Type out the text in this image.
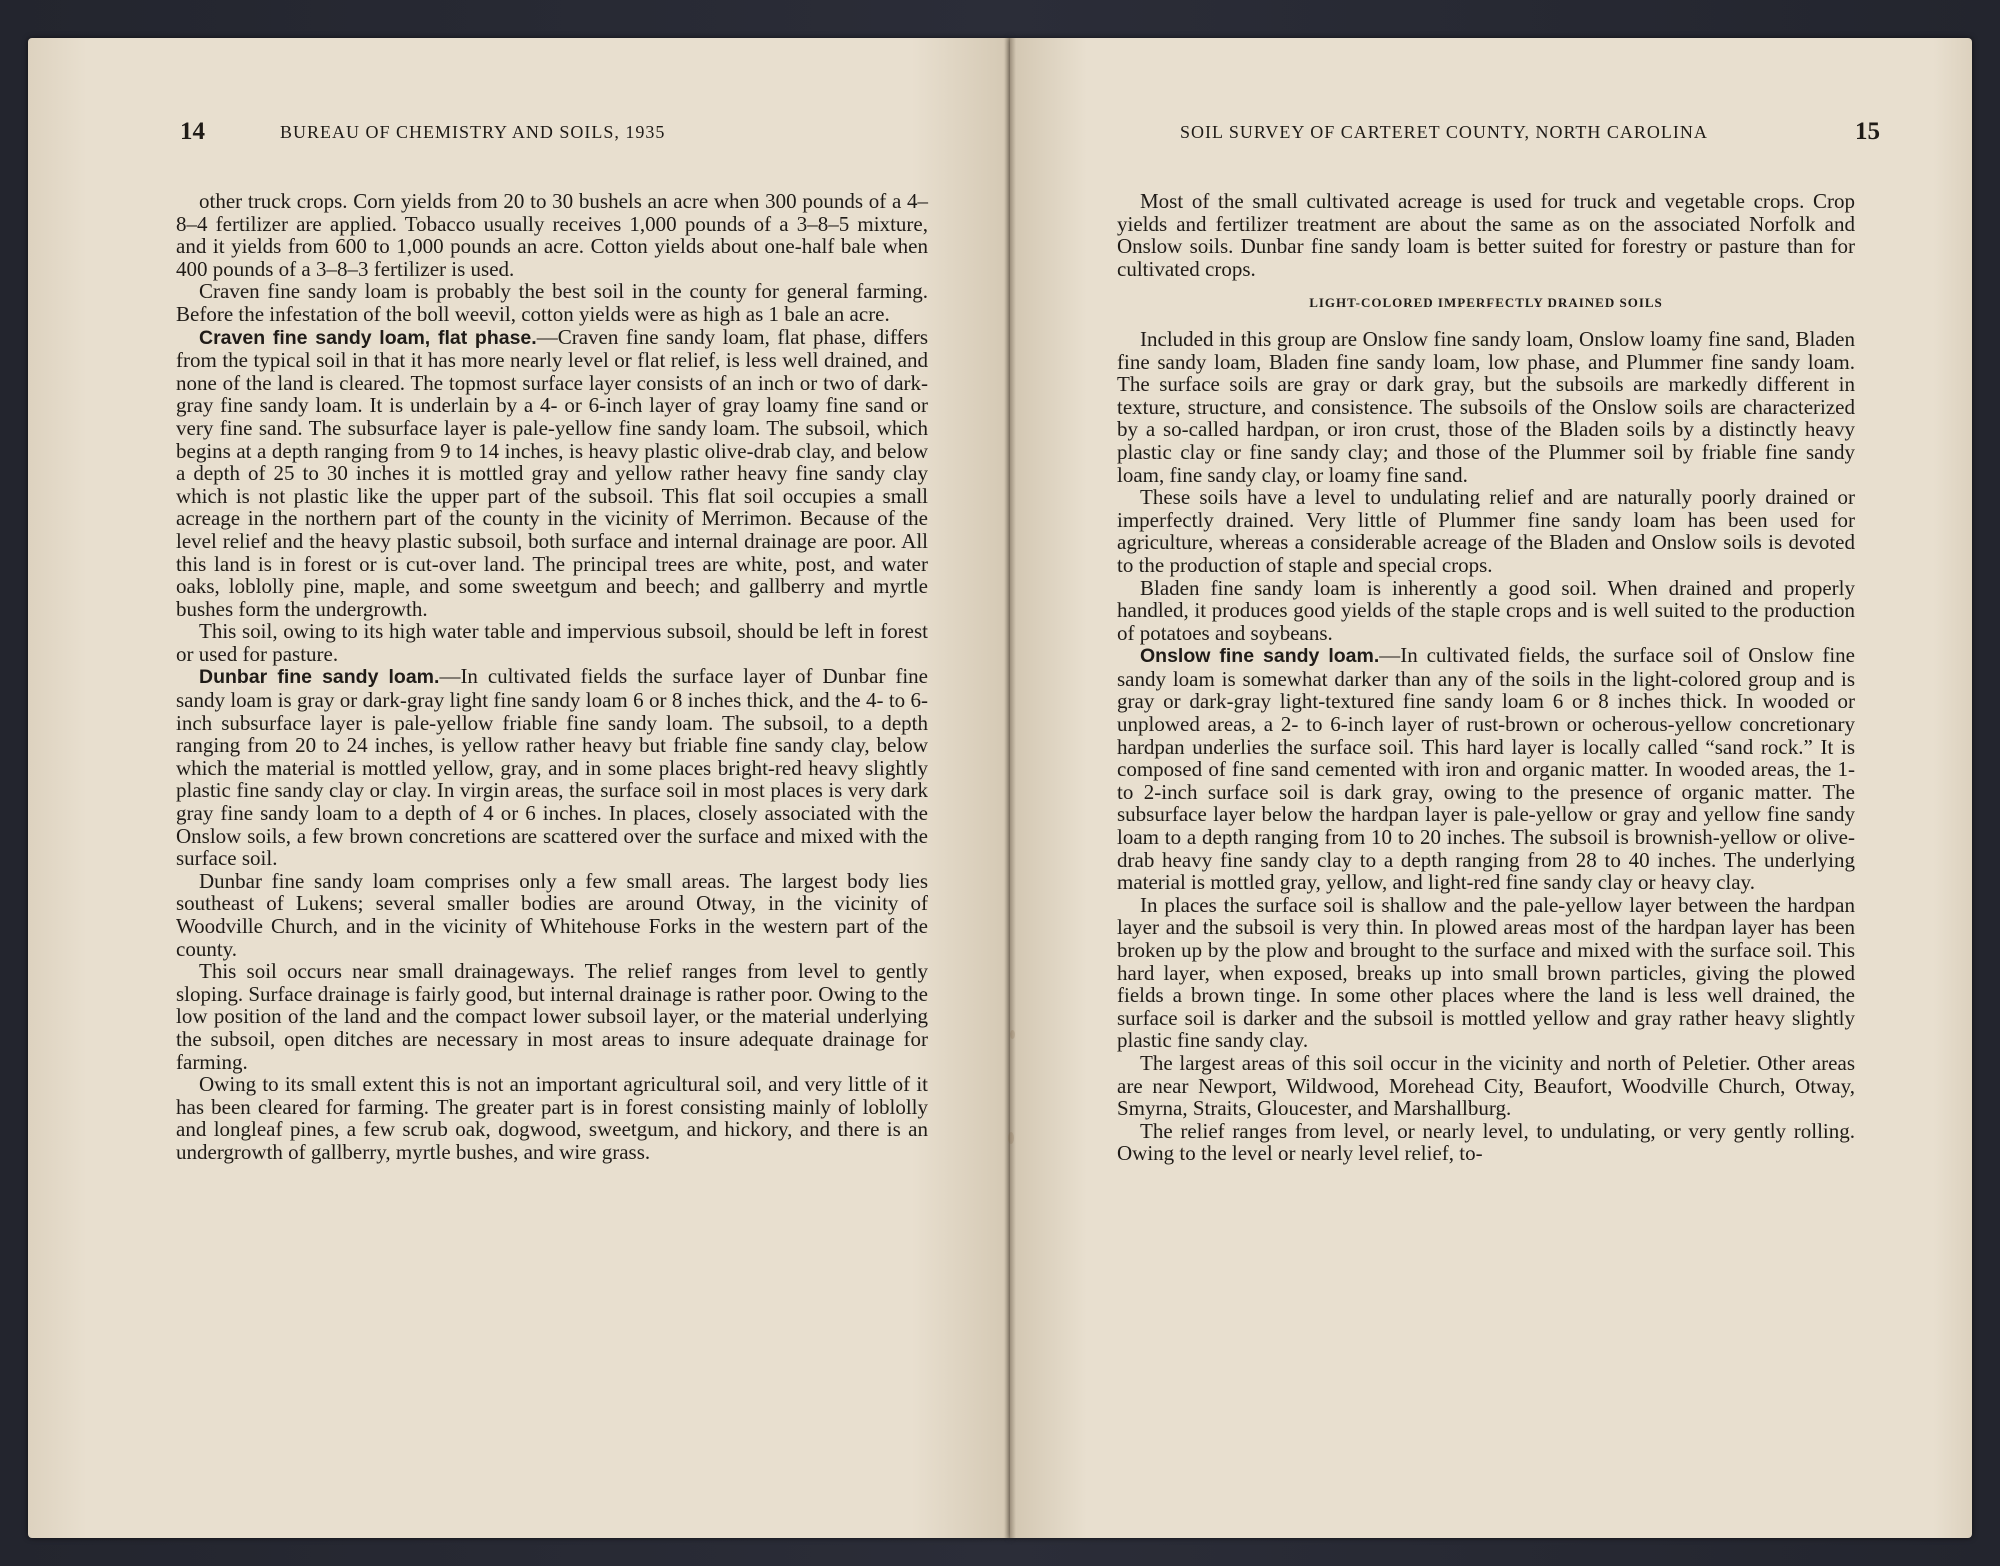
14	BUREAU OF CHEMISTRY AND SOILS, 1935

other truck crops. Corn yields from 20 to 30 bushels an acre when 300 pounds of a 4–8–4 fertilizer are applied. Tobacco usually receives 1,000 pounds of a 3–8–5 mixture, and it yields from 600 to 1,000 pounds an acre. Cotton yields about one-half bale when 400 pounds of a 3–8–3 fertilizer is used.

Craven fine sandy loam is probably the best soil in the county for general farming. Before the infestation of the boll weevil, cotton yields were as high as 1 bale an acre.

Craven fine sandy loam, flat phase.—Craven fine sandy loam, flat phase, differs from the typical soil in that it has more nearly level or flat relief, is less well drained, and none of the land is cleared. The topmost surface layer consists of an inch or two of dark-gray fine sandy loam. It is underlain by a 4- or 6-inch layer of gray loamy fine sand or very fine sand. The subsurface layer is pale-yellow fine sandy loam. The subsoil, which begins at a depth ranging from 9 to 14 inches, is heavy plastic olive-drab clay, and below a depth of 25 to 30 inches it is mottled gray and yellow rather heavy fine sandy clay which is not plastic like the upper part of the subsoil. This flat soil occupies a small acreage in the northern part of the county in the vicinity of Merrimon. Because of the level relief and the heavy plastic subsoil, both surface and internal drainage are poor. All this land is in forest or is cut-over land. The principal trees are white, post, and water oaks, loblolly pine, maple, and some sweetgum and beech; and gallberry and myrtle bushes form the undergrowth.

This soil, owing to its high water table and impervious subsoil, should be left in forest or used for pasture.

Dunbar fine sandy loam.—In cultivated fields the surface layer of Dunbar fine sandy loam is gray or dark-gray light fine sandy loam 6 or 8 inches thick, and the 4- to 6-inch subsurface layer is pale-yellow friable fine sandy loam. The subsoil, to a depth ranging from 20 to 24 inches, is yellow rather heavy but friable fine sandy clay, below which the material is mottled yellow, gray, and in some places bright-red heavy slightly plastic fine sandy clay or clay. In virgin areas, the surface soil in most places is very dark gray fine sandy loam to a depth of 4 or 6 inches. In places, closely associated with the Onslow soils, a few brown concretions are scattered over the surface and mixed with the surface soil.

Dunbar fine sandy loam comprises only a few small areas. The largest body lies southeast of Lukens; several smaller bodies are around Otway, in the vicinity of Woodville Church, and in the vicinity of Whitehouse Forks in the western part of the county.

This soil occurs near small drainageways. The relief ranges from level to gently sloping. Surface drainage is fairly good, but internal drainage is rather poor. Owing to the low position of the land and the compact lower subsoil layer, or the material underlying the subsoil, open ditches are necessary in most areas to insure adequate drainage for farming.

Owing to its small extent this is not an important agricultural soil, and very little of it has been cleared for farming. The greater part is in forest consisting mainly of loblolly and longleaf pines, a few scrub oak, dogwood, sweetgum, and hickory, and there is an undergrowth of gallberry, myrtle bushes, and wire grass.

SOIL SURVEY OF CARTERET COUNTY, NORTH CAROLINA	15

Most of the small cultivated acreage is used for truck and vegetable crops. Crop yields and fertilizer treatment are about the same as on the associated Norfolk and Onslow soils. Dunbar fine sandy loam is better suited for forestry or pasture than for cultivated crops.

LIGHT-COLORED IMPERFECTLY DRAINED SOILS

Included in this group are Onslow fine sandy loam, Onslow loamy fine sand, Bladen fine sandy loam, Bladen fine sandy loam, low phase, and Plummer fine sandy loam. The surface soils are gray or dark gray, but the subsoils are markedly different in texture, structure, and consistence. The subsoils of the Onslow soils are characterized by a so-called hardpan, or iron crust, those of the Bladen soils by a distinctly heavy plastic clay or fine sandy clay; and those of the Plummer soil by friable fine sandy loam, fine sandy clay, or loamy fine sand.

These soils have a level to undulating relief and are naturally poorly drained or imperfectly drained. Very little of Plummer fine sandy loam has been used for agriculture, whereas a considerable acreage of the Bladen and Onslow soils is devoted to the production of staple and special crops.

Bladen fine sandy loam is inherently a good soil. When drained and properly handled, it produces good yields of the staple crops and is well suited to the production of potatoes and soybeans.

Onslow fine sandy loam.—In cultivated fields, the surface soil of Onslow fine sandy loam is somewhat darker than any of the soils in the light-colored group and is gray or dark-gray light-textured fine sandy loam 6 or 8 inches thick. In wooded or unplowed areas, a 2- to 6-inch layer of rust-brown or ocherous-yellow concretionary hardpan underlies the surface soil. This hard layer is locally called “sand rock.” It is composed of fine sand cemented with iron and organic matter. In wooded areas, the 1- to 2-inch surface soil is dark gray, owing to the presence of organic matter. The subsurface layer below the hardpan layer is pale-yellow or gray and yellow fine sandy loam to a depth ranging from 10 to 20 inches. The subsoil is brownish-yellow or olive-drab heavy fine sandy clay to a depth ranging from 28 to 40 inches. The underlying material is mottled gray, yellow, and light-red fine sandy clay or heavy clay.

In places the surface soil is shallow and the pale-yellow layer between the hardpan layer and the subsoil is very thin. In plowed areas most of the hardpan layer has been broken up by the plow and brought to the surface and mixed with the surface soil. This hard layer, when exposed, breaks up into small brown particles, giving the plowed fields a brown tinge. In some other places where the land is less well drained, the surface soil is darker and the subsoil is mottled yellow and gray rather heavy slightly plastic fine sandy clay.

The largest areas of this soil occur in the vicinity and north of Peletier. Other areas are near Newport, Wildwood, Morehead City, Beaufort, Woodville Church, Otway, Smyrna, Straits, Gloucester, and Marshallburg.

The relief ranges from level, or nearly level, to undulating, or very gently rolling. Owing to the level or nearly level relief, to-
